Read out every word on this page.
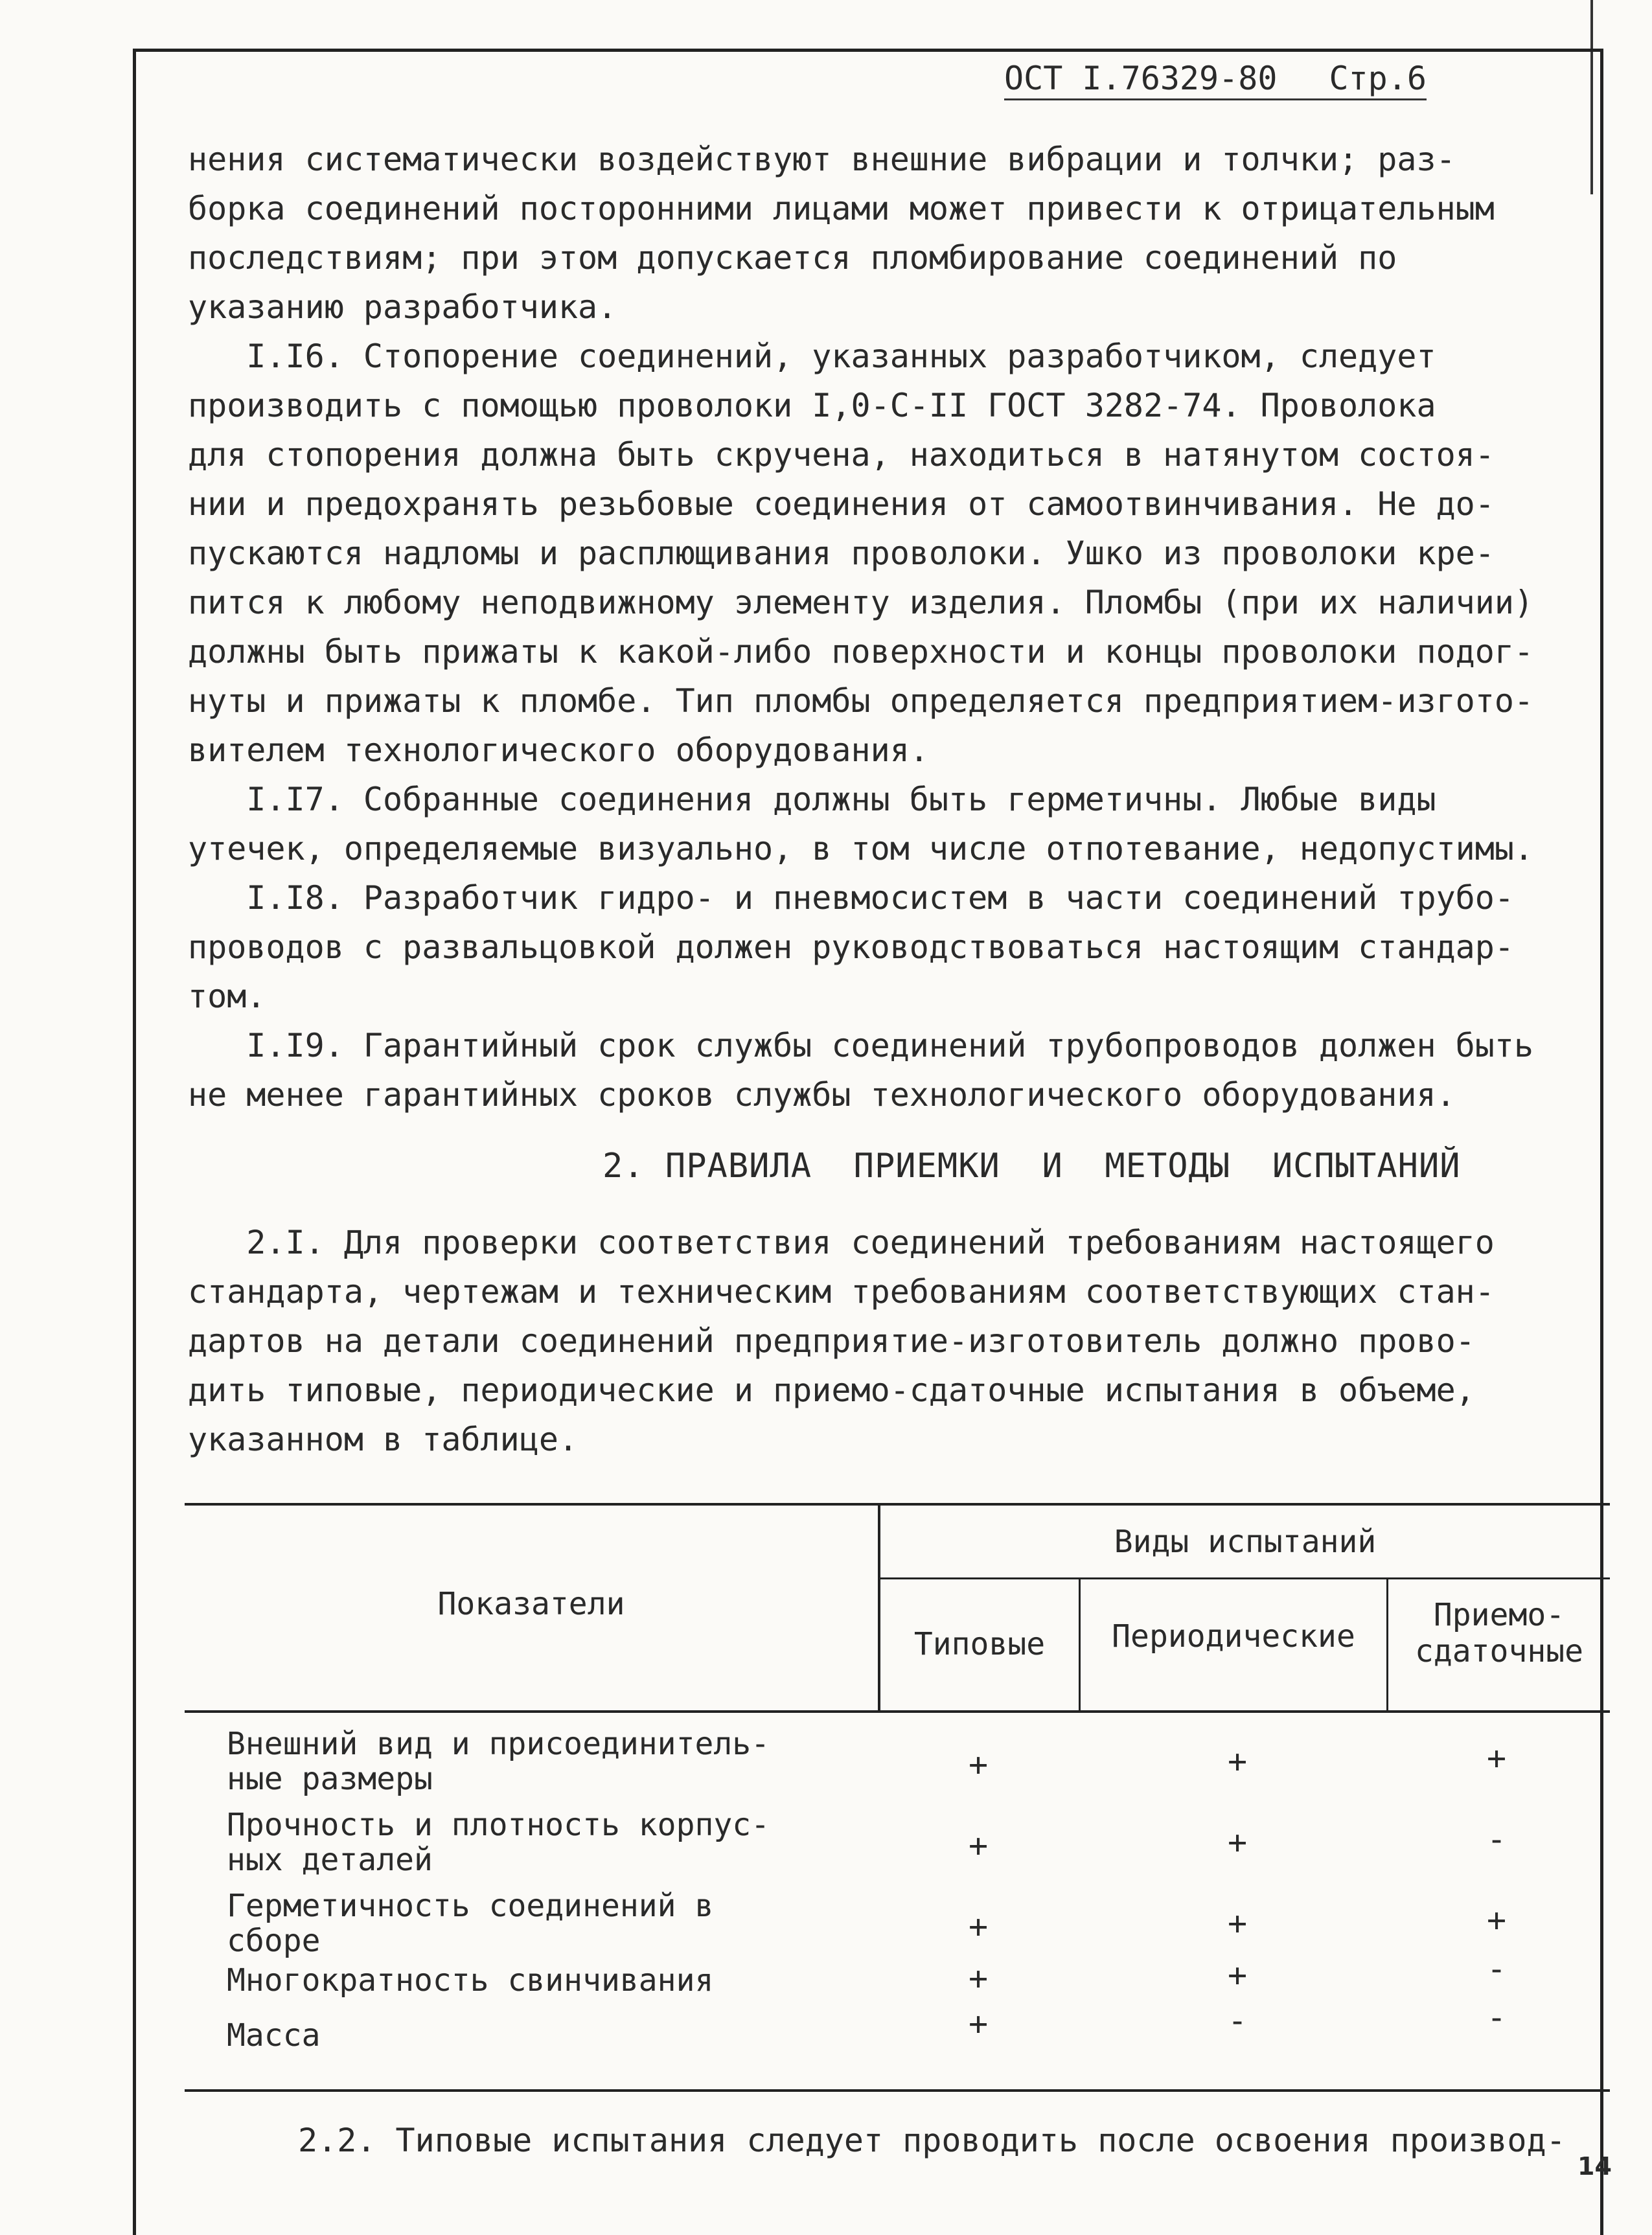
ОСТ I.76329-80 Стр.6

нения систематически воздействуют внешние вибрации и толчки; раз-

борка соединений посторонними лицами может привести к отрицательным

последствиям; при этом допускается пломбирование соединений по

указанию разработчика.

I.I6. Стопорение соединений, указанных разработчиком, следует

производить с помощью проволоки I,0-C-II ГОСТ 3282-74. Проволока

для стопорения должна быть скручена, находиться в натянутом состоя-

нии и предохранять резьбовые соединения от самоотвинчивания. Не до-

пускаются надломы и расплющивания проволоки. Ушко из проволоки кре-

пится к любому неподвижному элементу изделия. Пломбы (при их наличии)

должны быть прижаты к какой-либо поверхности и концы проволоки подог-

нуты и прижаты к пломбе. Тип пломбы определяется предприятием-изгото-

вителем технологического оборудования.

I.I7. Собранные соединения должны быть герметичны. Любые виды

утечек, определяемые визуально, в том числе отпотевание, недопустимы.

I.I8. Разработчик гидро- и пневмосистем в части соединений трубо-

проводов с развальцовкой должен руководствоваться настоящим стандар-

том.

I.I9. Гарантийный срок службы соединений трубопроводов должен быть

не менее гарантийных сроков службы технологического оборудования.

2. ПРАВИЛА  ПРИЕМКИ  И  МЕТОДЫ  ИСПЫТАНИЙ

2.I. Для проверки соответствия соединений требованиям настоящего

стандарта, чертежам и техническим требованиям соответствующих стан-

дартов на детали соединений предприятие-изготовитель должно прово-

дить типовые, периодические и приемо-сдаточные испытания в объеме,

указанном в таблице.

Показатели
Виды испытаний
Типовые	Периодические
Приемо-
сдаточные
Внешний вид и присоединитель-
ные размеры	+	+	+
Прочность и плотность корпус-
ных деталей	+	+	-
Герметичность соединений в
сборе	+	+	+
Многократность свинчивания	+	+	-
Масса	+	-	-
2.2. Типовые испытания следует проводить после освоения производ-
14
